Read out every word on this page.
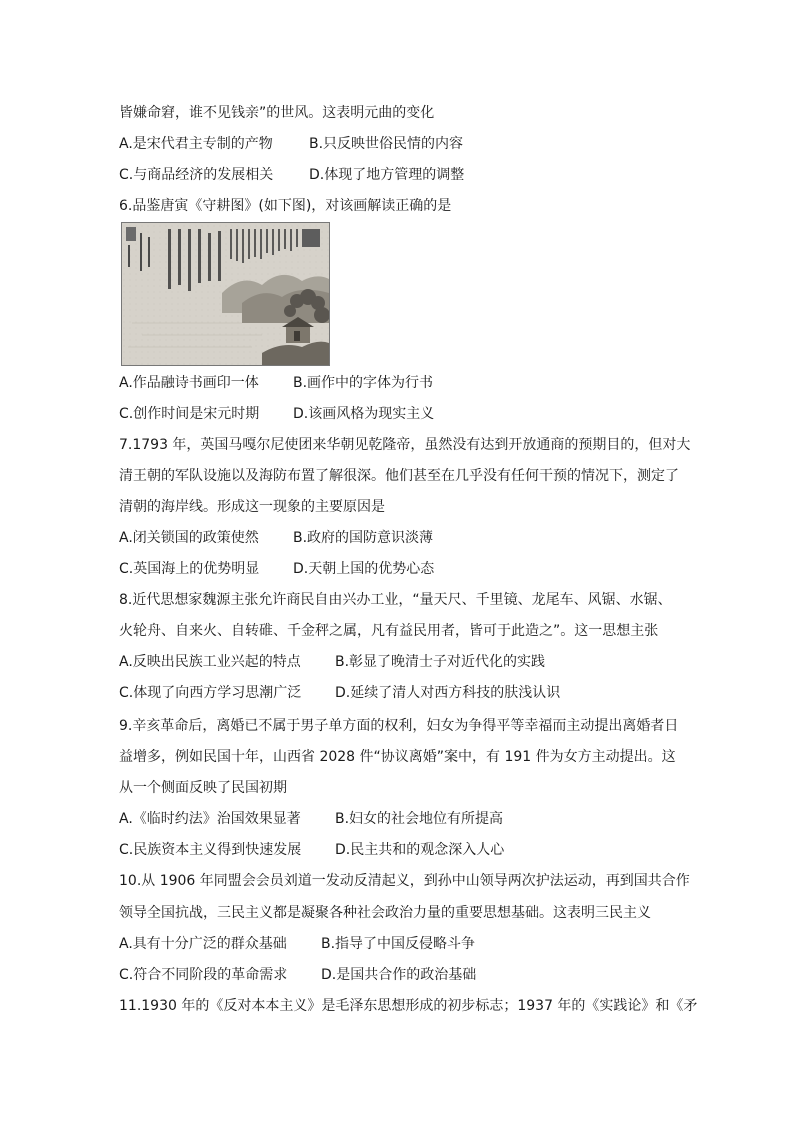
皆嫌命窘，谁不见钱亲”的世风。这表明元曲的变化
A.是宋代君主专制的产物	B.只反映世俗民情的内容
C.与商品经济的发展相关	D.体现了地方管理的调整
6.品鉴唐寅《守耕图》(如下图)，对该画解读正确的是
A.作品融诗书画印一体 B.画作中的字体为行书
C.创作时间是宋元时期 D.该画风格为现实主义
7.1793 年，英国马嘎尔尼使团来华朝见乾隆帝，虽然没有达到开放通商的预期目的，但对大
清王朝的军队设施以及海防布置了解很深。他们甚至在几乎没有任何干预的情况下，测定了
清朝的海岸线。形成这一现象的主要原因是
A.闭关锁国的政策使然 B.政府的国防意识淡薄
C.英国海上的优势明显 D.天朝上国的优势心态
8.近代思想家魏源主张允许商民自由兴办工业，“量天尺、千里镜、龙尾车、风锯、水锯、
火轮舟、自来火、自转碓、千金秤之属，凡有益民用者，皆可于此造之”。这一思想主张
A.反映出民族工业兴起的特点 B.彰显了晚清士子对近代化的实践
C.体现了向西方学习思潮广泛 D.延续了清人对西方科技的肤浅认识
9.辛亥革命后，离婚已不属于男子单方面的权利，妇女为争得平等幸福而主动提出离婚者日
益增多，例如民国十年，山西省 2028 件“协议离婚”案中，有 191 件为女方主动提出。这
从一个侧面反映了民国初期
A.《临时约法》治国效果显著 B.妇女的社会地位有所提高
C.民族资本主义得到快速发展 D.民主共和的观念深入人心
10.从 1906 年同盟会会员刘道一发动反清起义，到孙中山领导两次护法运动，再到国共合作
领导全国抗战，三民主义都是凝聚各种社会政治力量的重要思想基础。这表明三民主义
A.具有十分广泛的群众基础 B.指导了中国反侵略斗争
C.符合不同阶段的革命需求 D.是国共合作的政治基础
11.1930 年的《反对本本主义》是毛泽东思想形成的初步标志；1937 年的《实践论》和《矛
